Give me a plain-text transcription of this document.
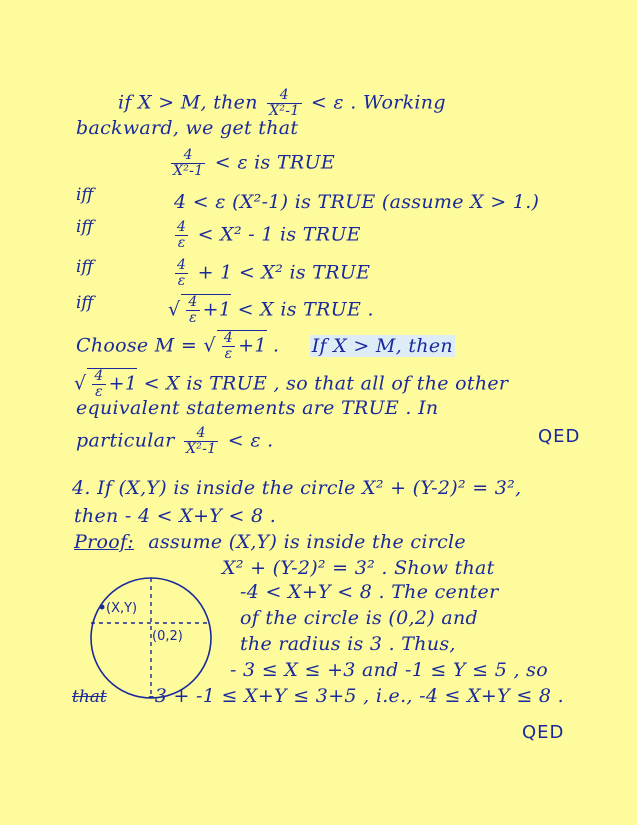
if X > M, then $\frac{4}{\text{X²-1}} < \varepsilon$ . Working
backward, we get that
$\frac{4}{\text{X²-1}} < \varepsilon$ is TRUE
iff	4 < ε (X²-1) is TRUE (assume X > 1.)
iff	$\frac{4}{\varepsilon} < X^2 - 1$ is TRUE
iff	$\frac{4}{\varepsilon} + 1 < X^2$ is TRUE
iff	√ $\frac{4}{\varepsilon} +1 < X$ is TRUE .
Choose M = √ $\frac{4}{\varepsilon} +1$ . If X > M, then
√ $\frac{4}{\varepsilon} +1 < X$ is TRUE , so that all of the other
equivalent statements are TRUE . In
particular $\frac{4}{\text{X²-1}} < \varepsilon$ .	QED
4. If (X,Y) is inside the circle X² + (Y-2)² = 3²,
then - 4 < X+Y < 8 .
Proof: assume (X,Y) is inside the circle
X² + (Y-2)² = 3² . Show that
-4 < X+Y < 8 . The center
of the circle is (0,2) and
the radius is 3 . Thus,
- 3 ≤ X ≤ +3 and -1 ≤ Y ≤ 5 , so
that -3 + -1 ≤ X+Y ≤ 3+5 , i.e., -4 ≤ X+Y ≤ 8 .
QED
(X,Y)
(0,2)
